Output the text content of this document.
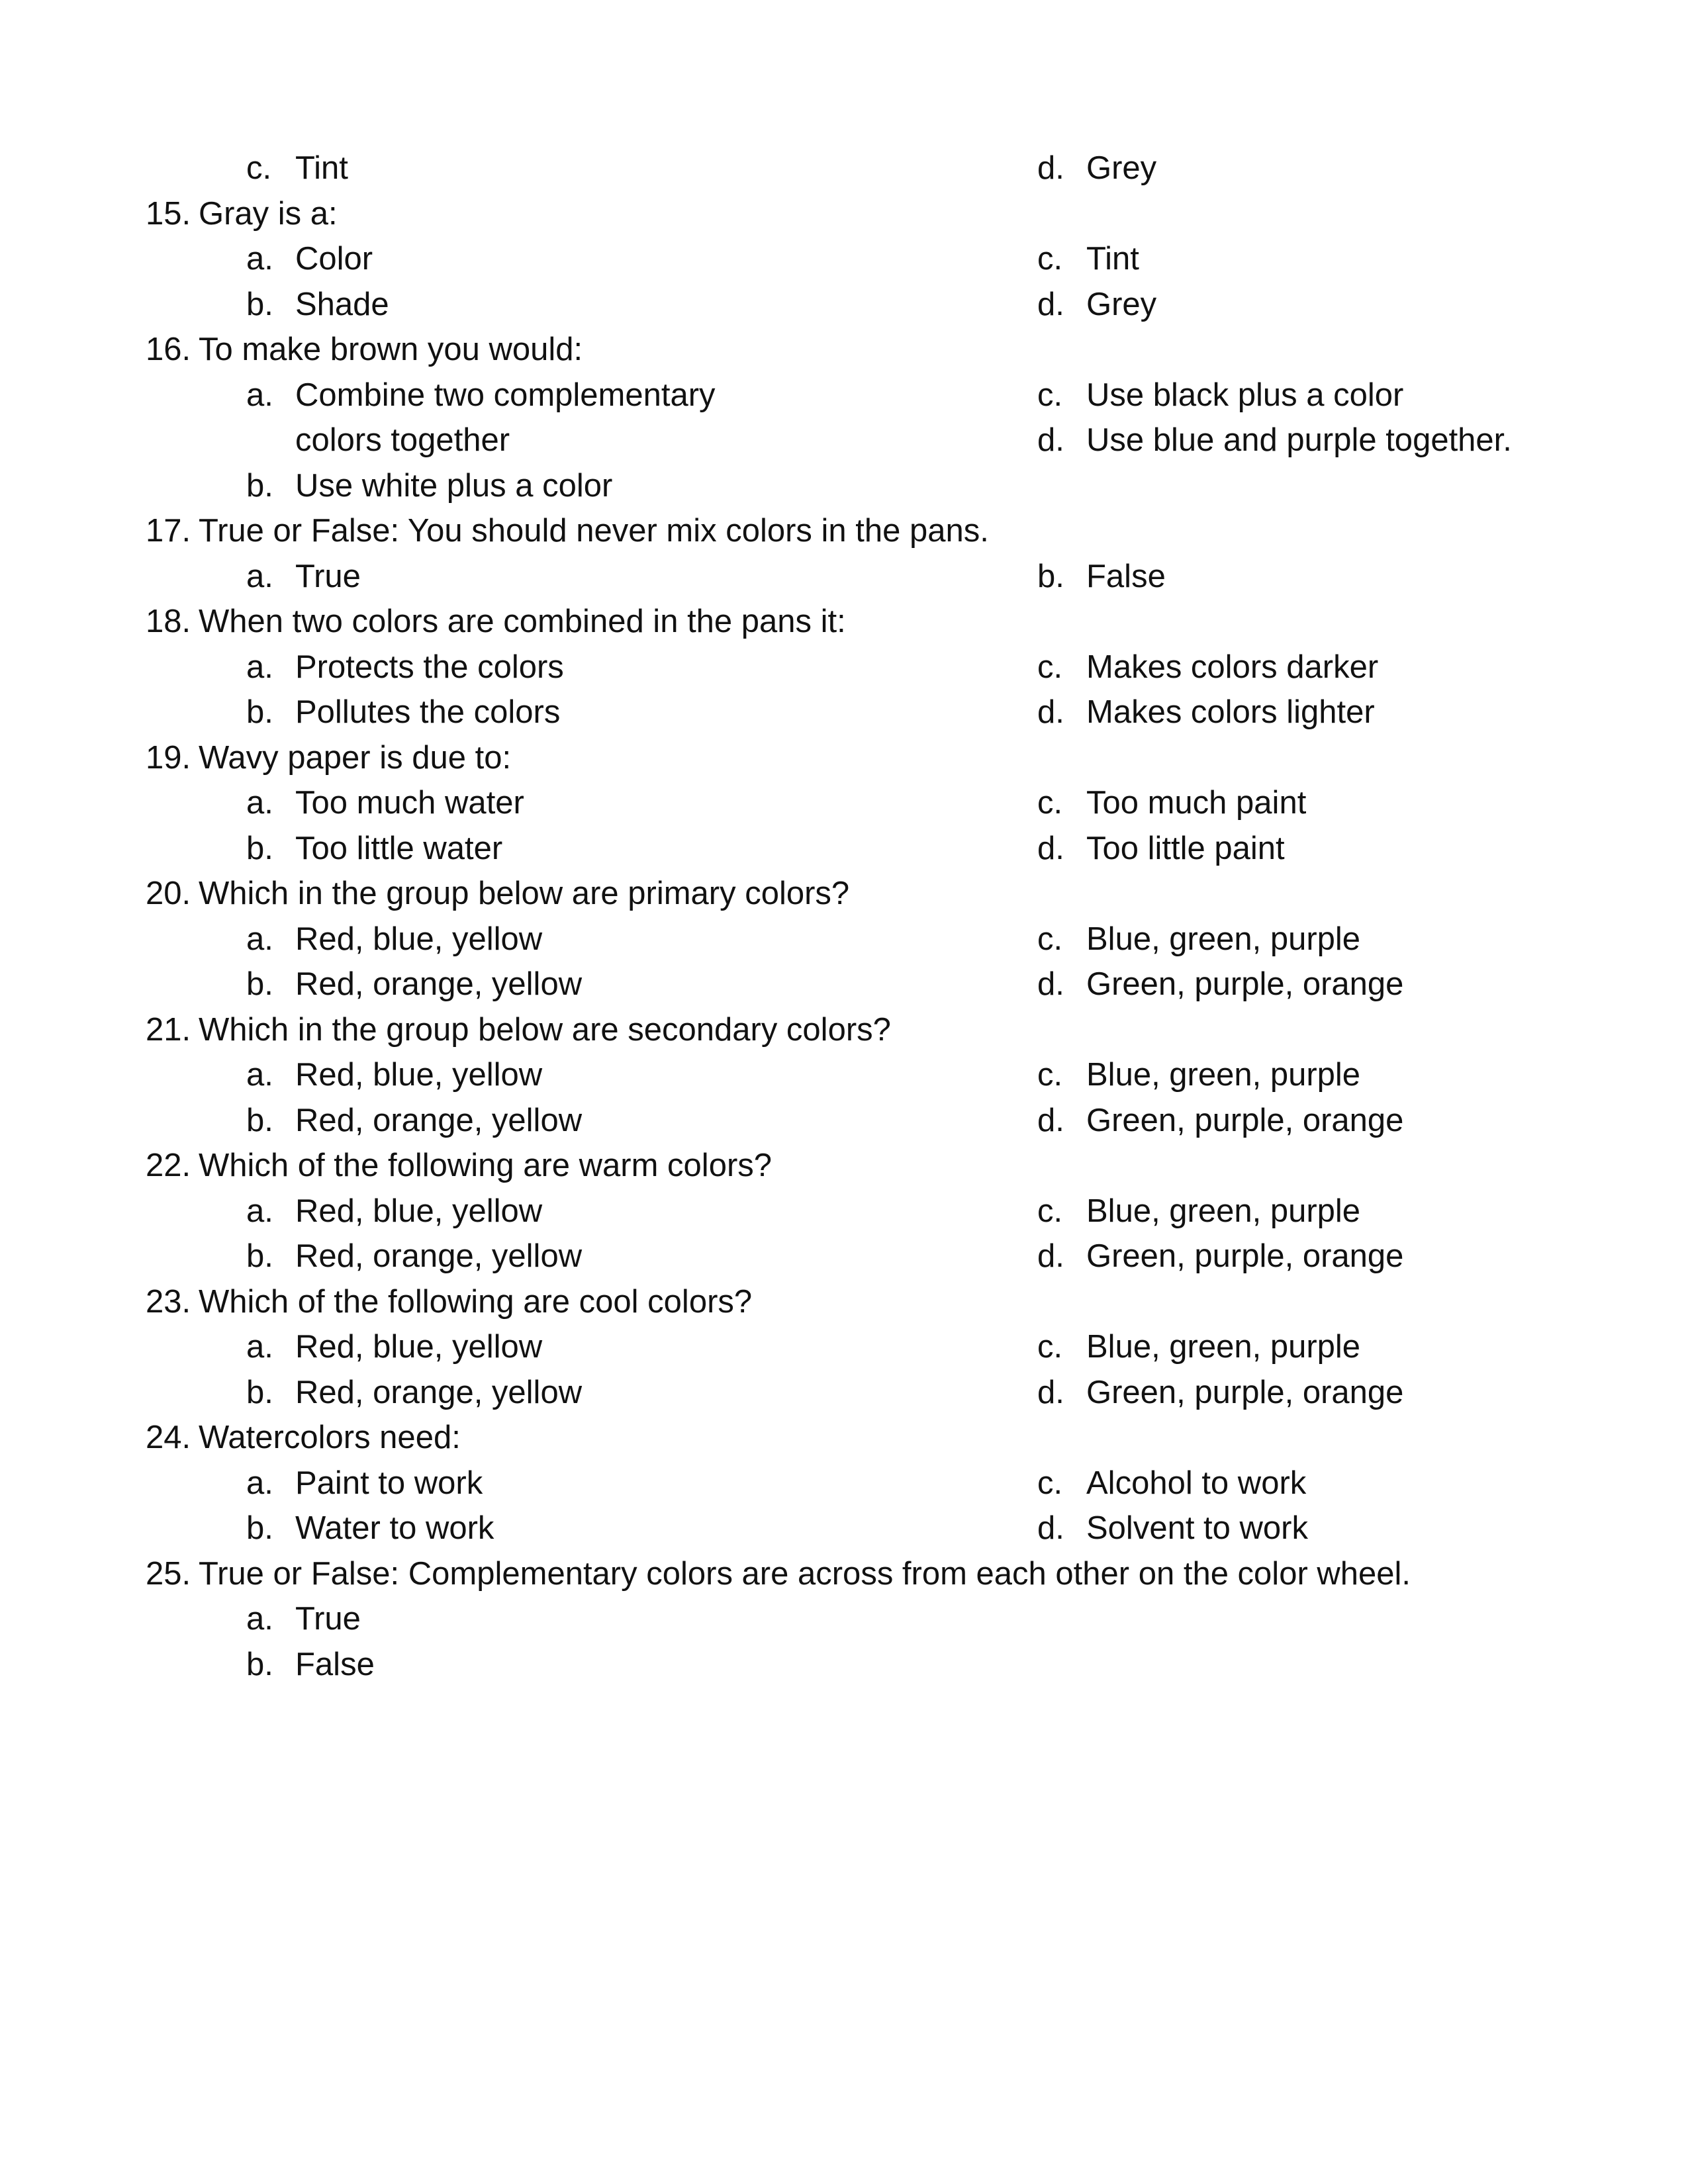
c. Tint	d. Grey
15. Gray is a:
a. Color	c. Tint
b. Shade	d. Grey
16. To make brown you would:
a. Combine two complementary	c. Use black plus a color
colors together	d. Use blue and purple together.
b. Use white plus a color
17. True or False: You should never mix colors in the pans.
a. True	b. False
18. When two colors are combined in the pans it:
a. Protects the colors	c. Makes colors darker
b. Pollutes the colors	d. Makes colors lighter
19. Wavy paper is due to:
a. Too much water	c. Too much paint
b. Too little water	d. Too little paint
20. Which in the group below are primary colors?
a. Red, blue, yellow	c. Blue, green, purple
b. Red, orange, yellow	d. Green, purple, orange
21. Which in the group below are secondary colors?
a. Red, blue, yellow	c. Blue, green, purple
b. Red, orange, yellow	d. Green, purple, orange
22. Which of the following are warm colors?
a. Red, blue, yellow	c. Blue, green, purple
b. Red, orange, yellow	d. Green, purple, orange
23. Which of the following are cool colors?
a. Red, blue, yellow	c. Blue, green, purple
b. Red, orange, yellow	d. Green, purple, orange
24. Watercolors need:
a. Paint to work	c. Alcohol to work
b. Water to work	d. Solvent to work
25. True or False: Complementary colors are across from each other on the color wheel.
a. True
b. False
